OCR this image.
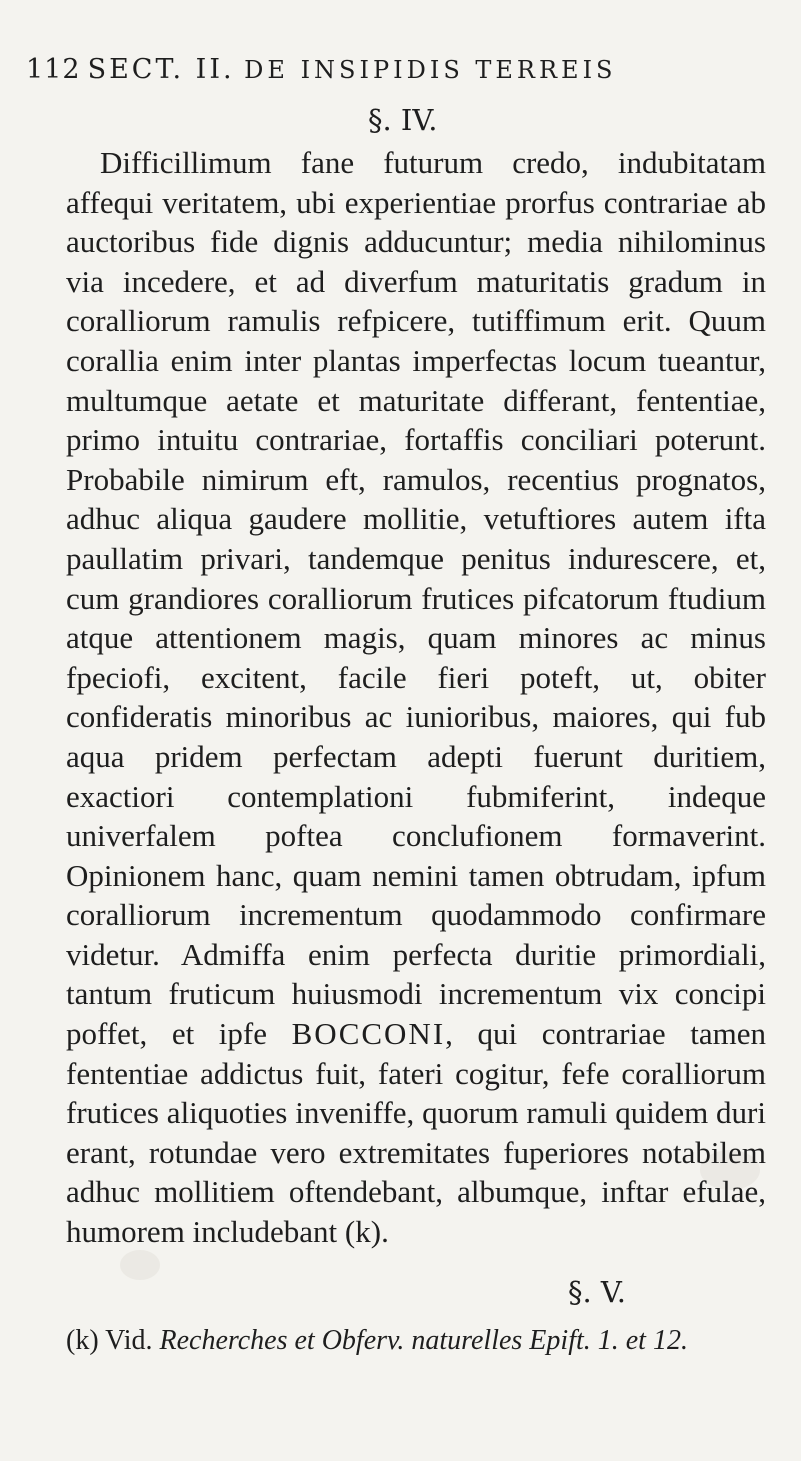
112 SECT. II. DE INSIPIDIS TERREIS
§. IV.

Difficillimum fane futurum credo, indubitatam affequi veritatem, ubi experientiae prorfus contrariae ab auctoribus fide dignis adducuntur; media nihilominus via incedere, et ad diverfum maturitatis gradum in coralliorum ramulis refpicere, tutiffimum erit. Quum corallia enim inter plantas imperfectas locum tueantur, multumque aetate et maturitate differant, fententiae, primo intuitu contrariae, fortaffis conciliari poterunt. Probabile nimirum eft, ramulos, recentius prognatos, adhuc aliqua gaudere mollitie, vetuftiores autem ifta paullatim privari, tandemque penitus indurescere, et, cum grandiores coralliorum frutices pifcatorum ftudium atque attentionem magis, quam minores ac minus fpeciofi, excitent, facile fieri poteft, ut, obiter confideratis minoribus ac iunioribus, maiores, qui fub aqua pridem perfectam adepti fuerunt duritiem, exactiori contemplationi fubmiferint, indeque univerfalem poftea conclufionem formaverint. Opinionem hanc, quam nemini tamen obtrudam, ipfum coralliorum incrementum quodammodo confirmare videtur. Admiffa enim perfecta duritie primordiali, tantum fruticum huiusmodi incrementum vix concipi poffet, et ipfe BOCCONI, qui contrariae tamen fententiae addictus fuit, fateri cogitur, fefe coralliorum frutices aliquoties inveniffe, quorum ramuli quidem duri erant, rotundae vero extremitates fuperiores notabilem adhuc mollitiem oftendebant, albumque, inftar efulae, humorem includebant (k).

§. V.

(k) Vid. Recherches et Obferv. naturelles Epift. 1. et 12.
